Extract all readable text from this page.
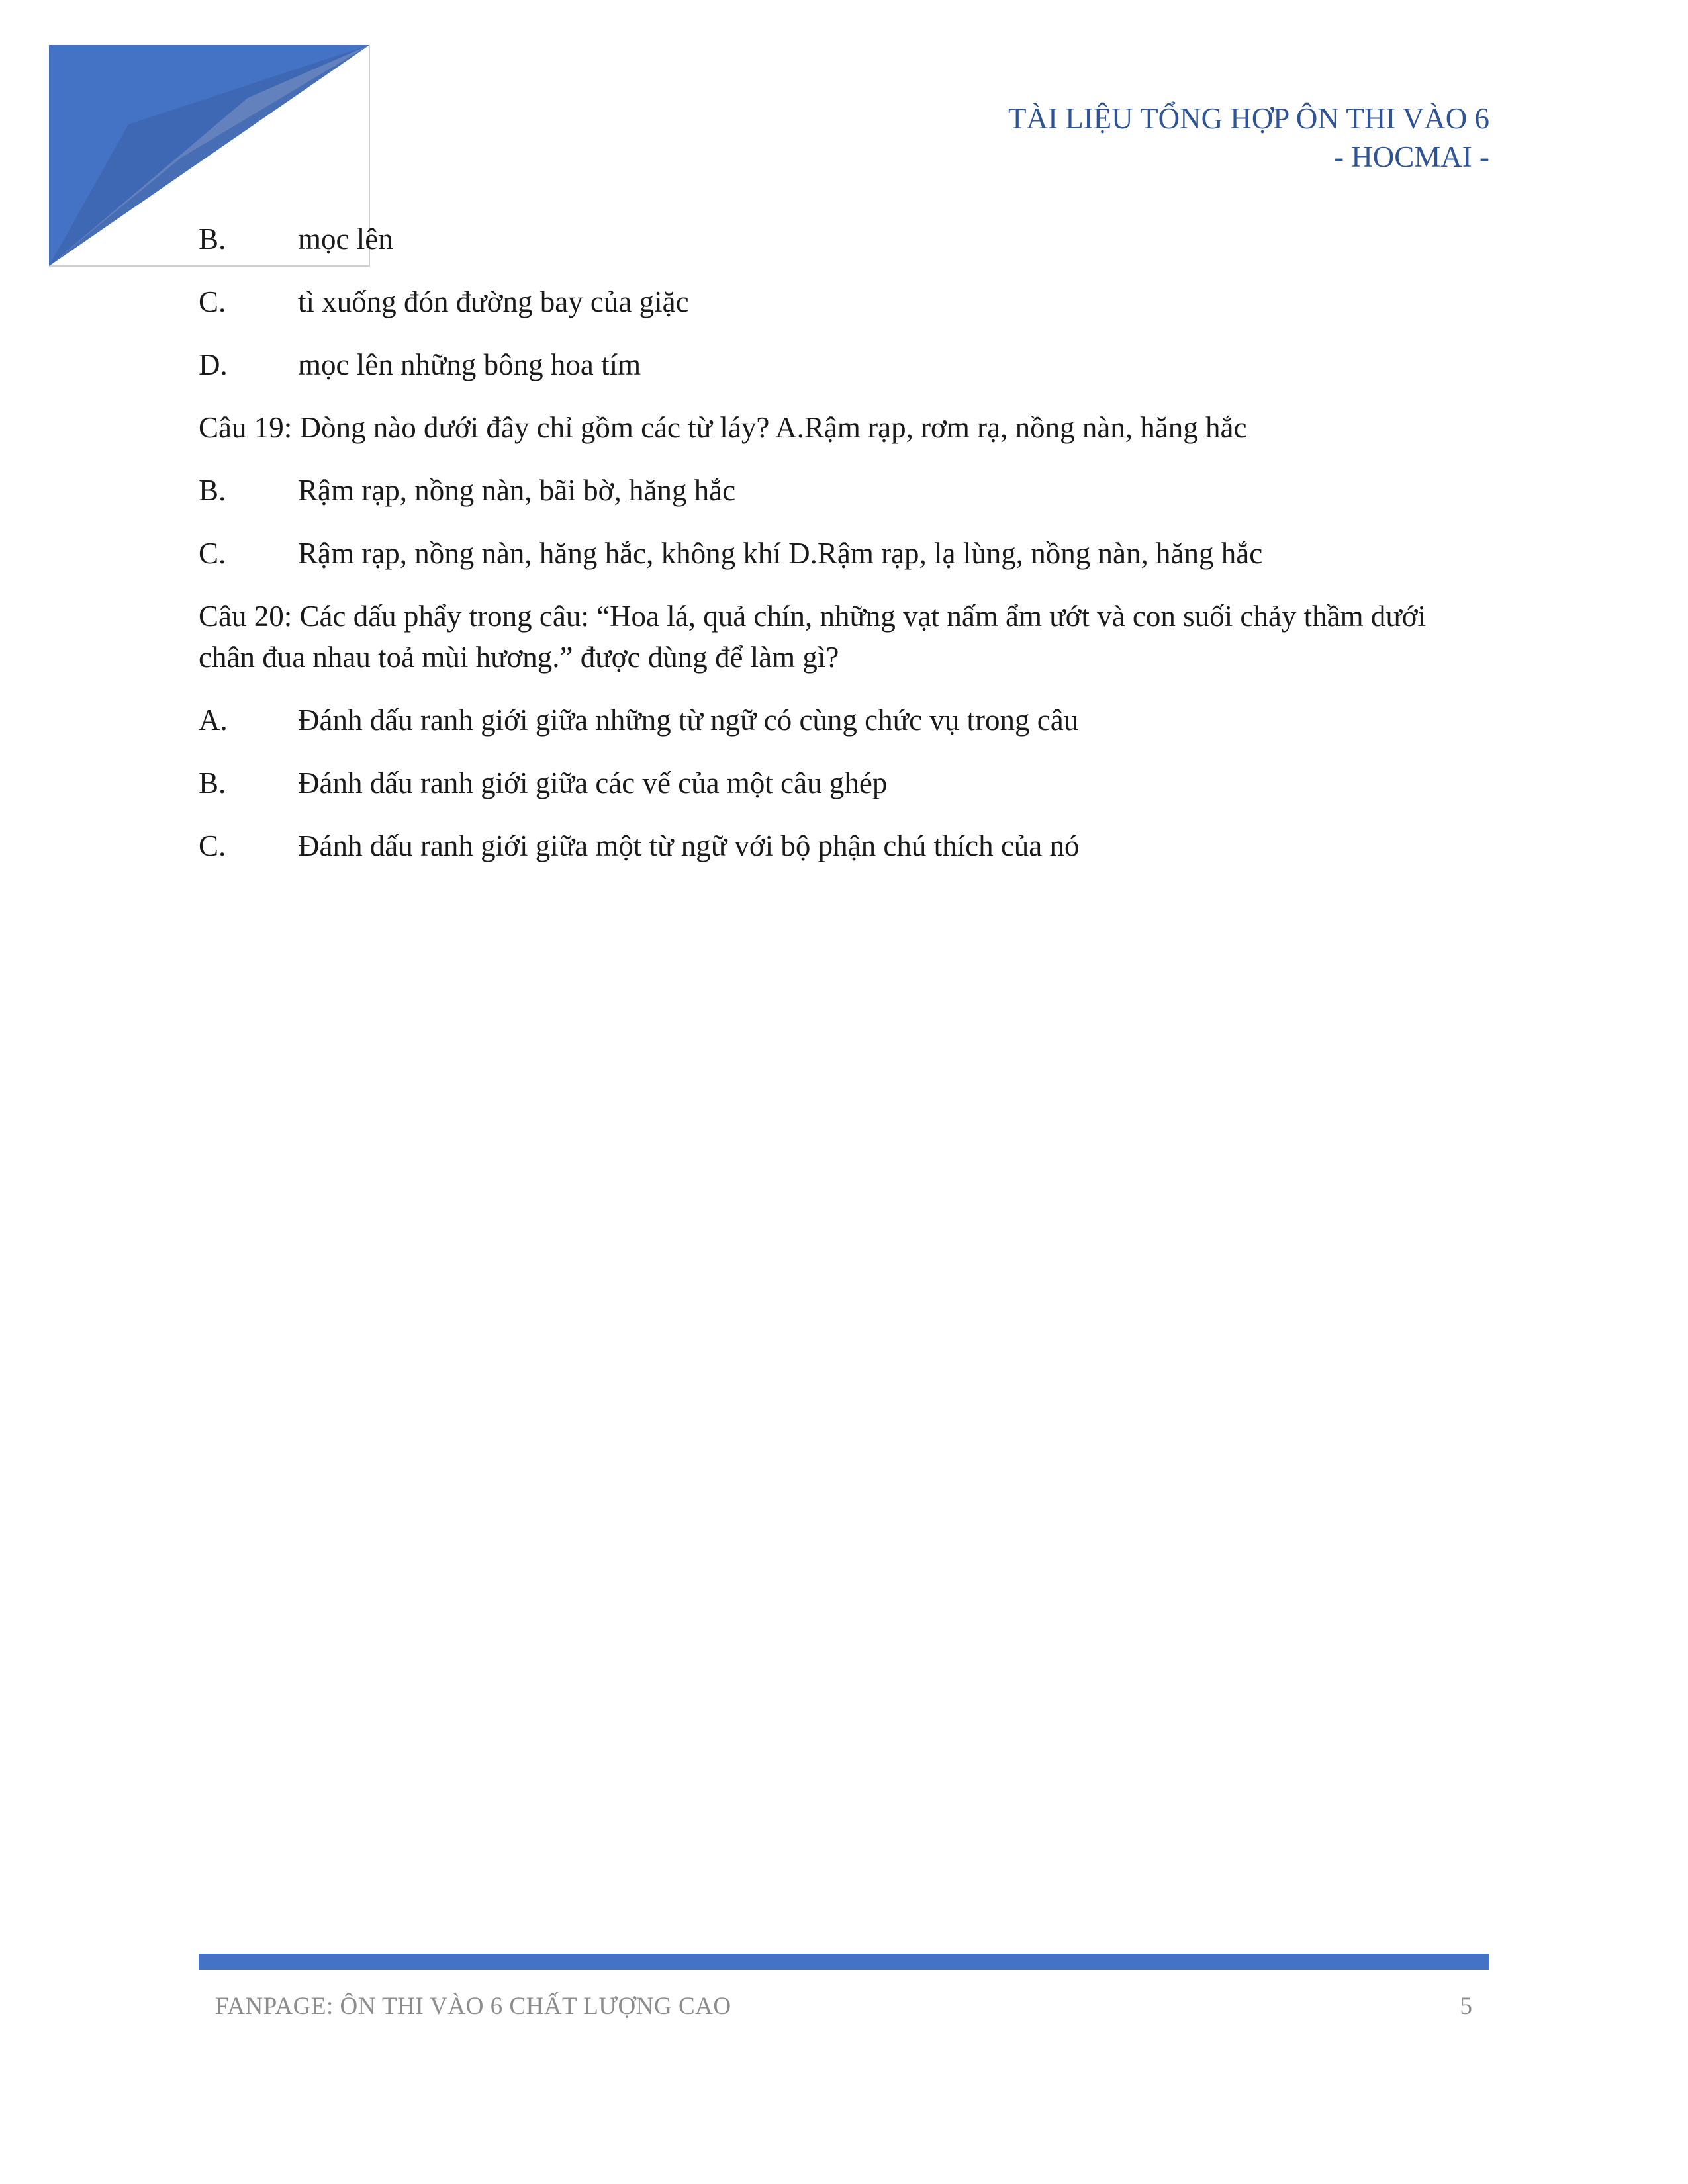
TÀI LIỆU TỔNG HỢP ÔN THI VÀO 6
- HOCMAI -
B. mọc lên
C. tì xuống đón đường bay của giặc
D. mọc lên những bông hoa tím
Câu 19: Dòng nào dưới đây chỉ gồm các từ láy? A.Rậm rạp, rơm rạ, nồng nàn, hăng hắc
B. Rậm rạp, nồng nàn, bãi bờ, hăng hắc
C. Rậm rạp, nồng nàn, hăng hắc, không khí D.Rậm rạp, lạ lùng, nồng nàn, hăng hắc
Câu 20: Các dấu phẩy trong câu: “Hoa lá, quả chín, những vạt nấm ẩm ướt và con suối chảy thầm dưới chân đua nhau toả mùi hương.” được dùng để làm gì?
A. Đánh dấu ranh giới giữa những từ ngữ có cùng chức vụ trong câu
B. Đánh dấu ranh giới giữa các vế của một câu ghép
C. Đánh dấu ranh giới giữa một từ ngữ với bộ phận chú thích của nó
FANPAGE: ÔN THI VÀO 6 CHẤT LƯỢNG CAO	5
